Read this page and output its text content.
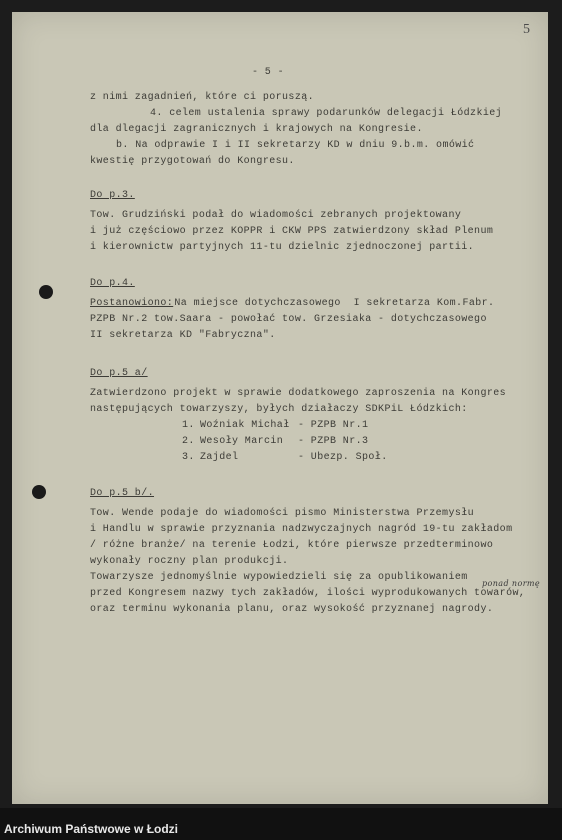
5
- 5 -
z nimi zagadnień, które ci poruszą.
4. celem ustalenia sprawy podarunków delegacji Łódzkiej
dla dlegacji zagranicznych i krajowych na Kongresie.
b. Na odprawie I i II sekretarzy KD w dniu 9.b.m. omówić
kwestię przygotowań do Kongresu.
Do p.3.
Tow. Grudziński podał do wiadomości zebranych projektowany
i już częściowo przez KOPPR i CKW PPS zatwierdzony skład Plenum
i kierownictw partyjnych 11-tu dzielnic zjednoczonej partii.
Do p.4.
Postanowiono:
Na miejsce dotychczasowego  I sekretarza Kom.Fabr.
PZPB Nr.2 tow.Saara - powołać tow. Grzesiaka - dotychczasowego
II sekretarza KD "Fabryczna".
Do p.5 a/
Zatwierdzono projekt w sprawie dodatkowego zaproszenia na Kongres
następujących towarzyszy, byłych działaczy SDKPiL Łódzkich:
1. Woźniak Michał - PZPB Nr.1
2. Wesoły Marcin - PZPB Nr.3
3. Zajdel	- Ubezp. Społ.
Do p.5 b/.
Tow. Wende podaje do wiadomości pismo Ministerstwa Przemysłu
i Handlu w sprawie przyznania nadzwyczajnych nagród 19-tu zakładom
/ różne branże/ na terenie Łodzi, które pierwsze przedterminowo
wykonały roczny plan produkcji.
Towarzysze jednomyślnie wypowiedzieli się za opublikowaniem
ponad normę
przed Kongresem nazwy tych zakładów, ilości wyprodukowanych towarów,
oraz terminu wykonania planu, oraz wysokość przyznanej nagrody.
Archiwum Państwowe w Łodzi
